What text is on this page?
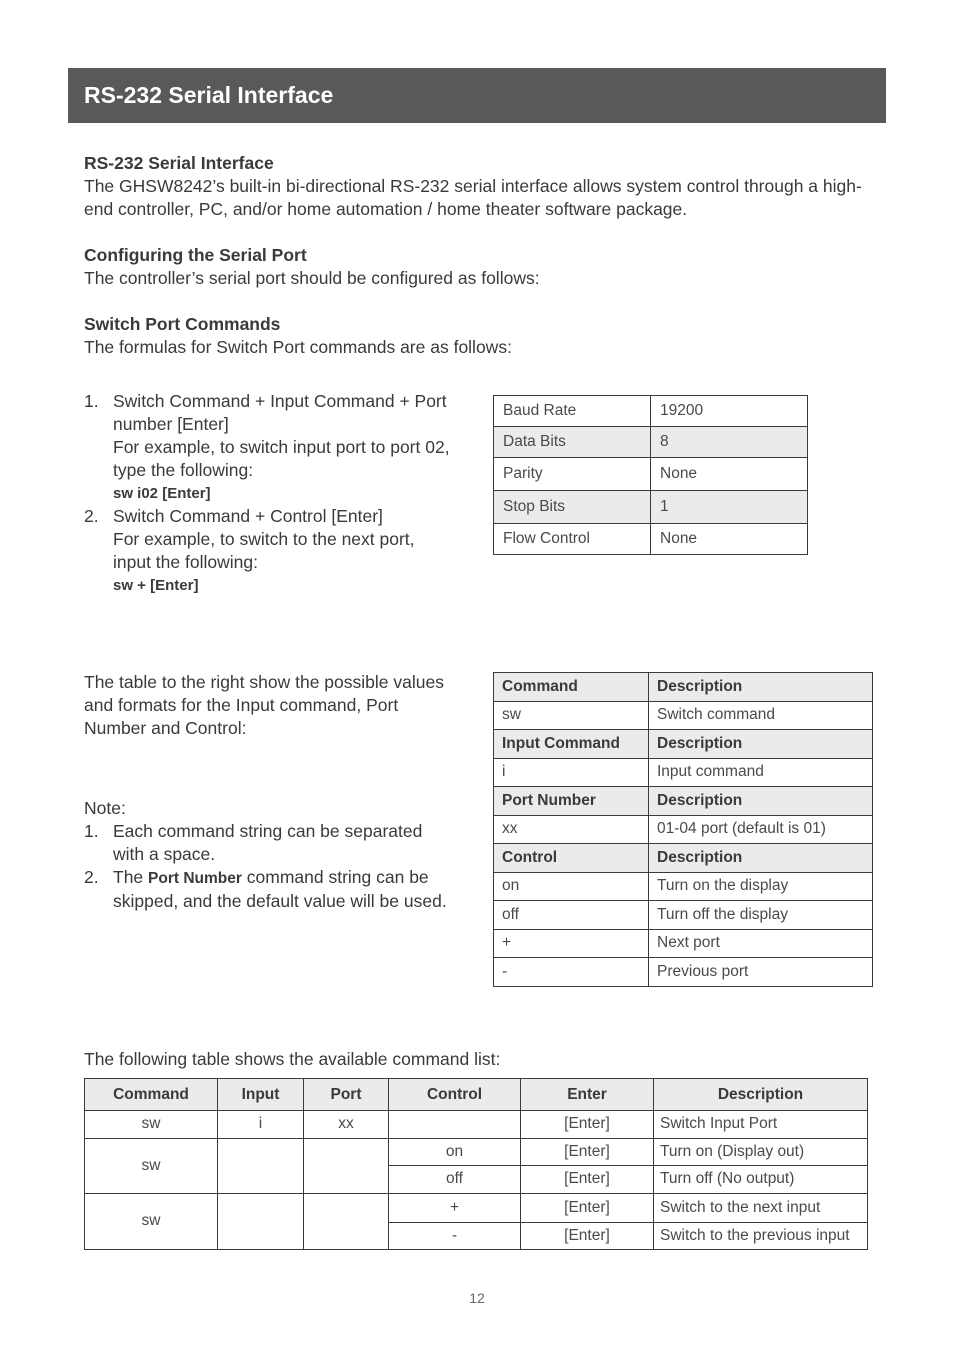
RS-232 Serial Interface

RS-232 Serial Interface

The GHSW8242’s built-in bi-directional RS-232 serial interface allows system control through a high-end controller, PC, and/or home automation / home theater software package.

Configuring the Serial Port

The controller’s serial port should be configured as follows:

Switch Port Commands

The formulas for Switch Port commands are as follows:

1. Switch Command + Input Command + Port number [Enter]
For example, to switch input port to port 02, type the following:
sw i02 [Enter]
2. Switch Command + Control [Enter]
For example, to switch to the next port, input the following:
sw + [Enter]
Baud Rate	19200
Data Bits	8
Parity	None
Stop Bits	1
Flow Control	None

The table to the right show the possible values and formats for the Input command, Port Number and Control:

Note:

1. Each command string can be separated with a space.
2. The Port Number command string can be skipped, and the default value will be used.
Command	Description
sw	Switch command
Input Command	Description
i	Input command
Port Number	Description
xx	01-04 port (default is 01)
Control	Description
on	Turn on the display
off	Turn off the display
+	Next port
-	Previous port
The following table shows the available command list:
Command	Input	Port	Control	Enter	Description
sw	i	xx		[Enter]	Switch Input Port
sw			on	[Enter]	Turn on (Display out)
			off	[Enter]	Turn off (No output)
sw			+	[Enter]	Switch to the next input
			-	[Enter]	Switch to the previous input
12
